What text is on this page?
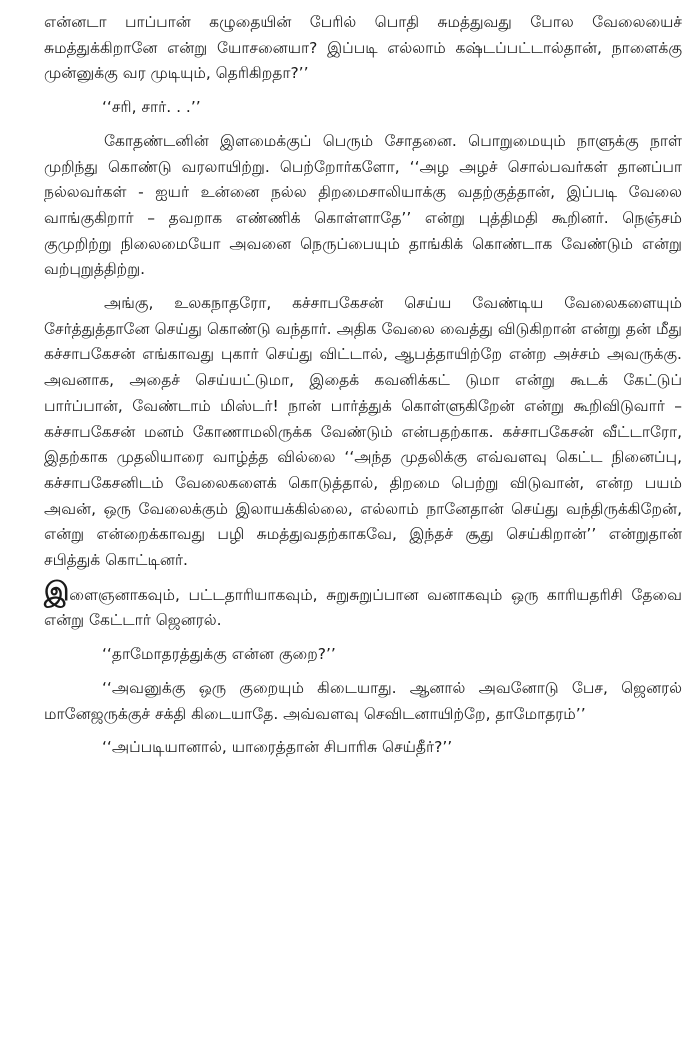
என்னடா பாப்பான் கழுதையின் பேரில் பொதி சுமத்துவது போல வேலையைச் சுமத்துக்கிறானே என்று யோசனையா? இப்படி எல்லாம் கஷ்டப்பட்டால்தான், நாளைக்கு முன்னுக்கு வர முடியும், தெரிகிறதா?’’

‘‘சரி, சார். . .’’

கோதண்டனின் இளமைக்குப் பெரும் சோதனை. பொறுமையும் நாளுக்கு நாள் முறிந்து கொண்டு வரலாயிற்று. பெற்றோர்களோ, ‘‘அழ அழச் சொல்பவர்கள் தானப்பா நல்லவர்கள் - ஐயர் உன்னை நல்ல திறமைசாலியாக்கு வதற்குத்தான், இப்படி வேலை வாங்குகிறார் – தவறாக எண்ணிக் கொள்ளாதே’’ என்று புத்திமதி கூறினர். நெஞ்சம் குமுறிற்று நிலைமையோ அவனை நெருப்பையும் தாங்கிக் கொண்டாக வேண்டும் என்று வற்புறுத்திற்று.

அங்கு, உலகநாதரோ, கச்சாபகேசன் செய்ய வேண்டிய வேலைகளையும் சேர்த்துத்தானே செய்து கொண்டு வந்தார். அதிக வேலை வைத்து விடுகிறான் என்று தன் மீது கச்சாபகேசன் எங்காவது புகார் செய்து விட்டால், ஆபத்தாயிற்றே என்ற அச்சம் அவருக்கு. அவனாக, அதைச் செய்யட்டுமா, இதைக் கவனிக்கட் டுமா என்று கூடக் கேட்டுப் பார்ப்பான், வேண்டாம் மிஸ்டர்! நான் பார்த்துக் கொள்ளுகிறேன் என்று கூறிவிடுவார் – கச்சாபகேசன் மனம் கோணாமலிருக்க வேண்டும் என்பதற்காக. கச்சாபகேசன் வீட்டாரோ, இதற்காக முதலியாரை வாழ்த்த வில்லை ‘‘அந்த முதலிக்கு எவ்வளவு கெட்ட நினைப்பு, கச்சாபகேசனிடம் வேலைகளைக் கொடுத்தால், திறமை பெற்று விடுவான், என்ற பயம் அவன், ஒரு வேலைக்கும் இலாயக்கில்லை, எல்லாம் நானேதான் செய்து வந்திருக்கிறேன், என்று என்றைக்காவது பழி சுமத்துவதற்காகவே, இந்தச் சூது செய்கிறான்’’ என்றுதான் சபித்துக் கொட்டினர்.

இளைஞனாகவும், பட்டதாரியாகவும், சுறுசுறுப்பான வனாகவும் ஒரு காரியதரிசி தேவை என்று கேட்டார் ஜெனரல்.

‘‘தாமோதரத்துக்கு என்ன குறை?’’

‘‘அவனுக்கு ஒரு குறையும் கிடையாது. ஆனால் அவனோடு பேச, ஜெனரல் மானேஜருக்குச் சக்தி கிடையாதே. அவ்வளவு செவிடனாயிற்றே, தாமோதரம்’’

‘‘அப்படியானால், யாரைத்தான் சிபாரிசு செய்தீர்?’’
